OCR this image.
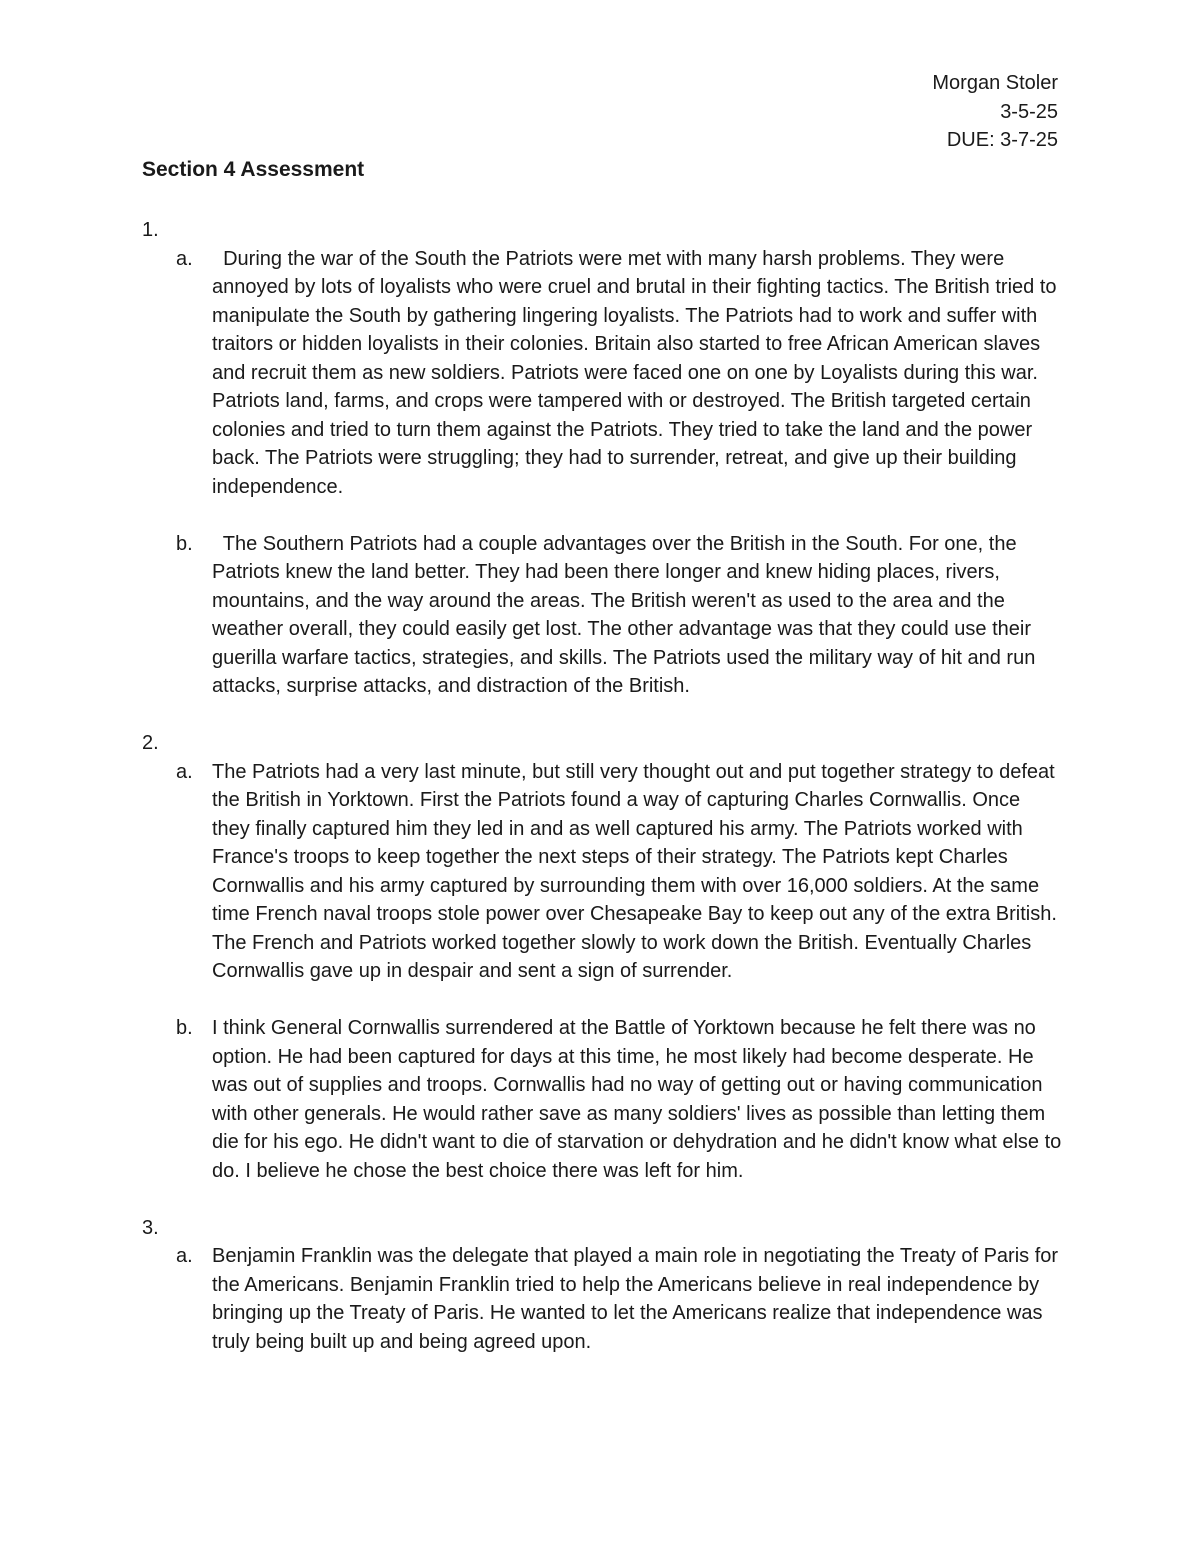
Morgan Stoler
3-5-25
DUE: 3-7-25
Section 4 Assessment
1.
a. During the war of the South the Patriots were met with many harsh problems. They were annoyed by lots of loyalists who were cruel and brutal in their fighting tactics. The British tried to manipulate the South by gathering lingering loyalists. The Patriots had to work and suffer with traitors or hidden loyalists in their colonies. Britain also started to free African American slaves and recruit them as new soldiers. Patriots were faced one on one by Loyalists during this war. Patriots land, farms, and crops were tampered with or destroyed. The British targeted certain colonies and tried to turn them against the Patriots. They tried to take the land and the power back. The Patriots were struggling; they had to surrender, retreat, and give up their building independence.
b. The Southern Patriots had a couple advantages over the British in the South. For one, the Patriots knew the land better. They had been there longer and knew hiding places, rivers, mountains, and the way around the areas. The British weren't as used to the area and the weather overall, they could easily get lost. The other advantage was that they could use their guerilla warfare tactics, strategies, and skills. The Patriots used the military way of hit and run attacks, surprise attacks, and distraction of the British.
2.
a. The Patriots had a very last minute, but still very thought out and put together strategy to defeat the British in Yorktown. First the Patriots found a way of capturing Charles Cornwallis. Once they finally captured him they led in and as well captured his army. The Patriots worked with France's troops to keep together the next steps of their strategy. The Patriots kept Charles Cornwallis and his army captured by surrounding them with over 16,000 soldiers. At the same time French naval troops stole power over Chesapeake Bay to keep out any of the extra British. The French and Patriots worked together slowly to work down the British. Eventually Charles Cornwallis gave up in despair and sent a sign of surrender.
b. I think General Cornwallis surrendered at the Battle of Yorktown because he felt there was no option. He had been captured for days at this time, he most likely had become desperate. He was out of supplies and troops. Cornwallis had no way of getting out or having communication with other generals. He would rather save as many soldiers' lives as possible than letting them die for his ego. He didn't want to die of starvation or dehydration and he didn't know what else to do. I believe he chose the best choice there was left for him.
3.
a. Benjamin Franklin was the delegate that played a main role in negotiating the Treaty of Paris for the Americans. Benjamin Franklin tried to help the Americans believe in real independence by bringing up the Treaty of Paris. He wanted to let the Americans realize that independence was truly being built up and being agreed upon.
